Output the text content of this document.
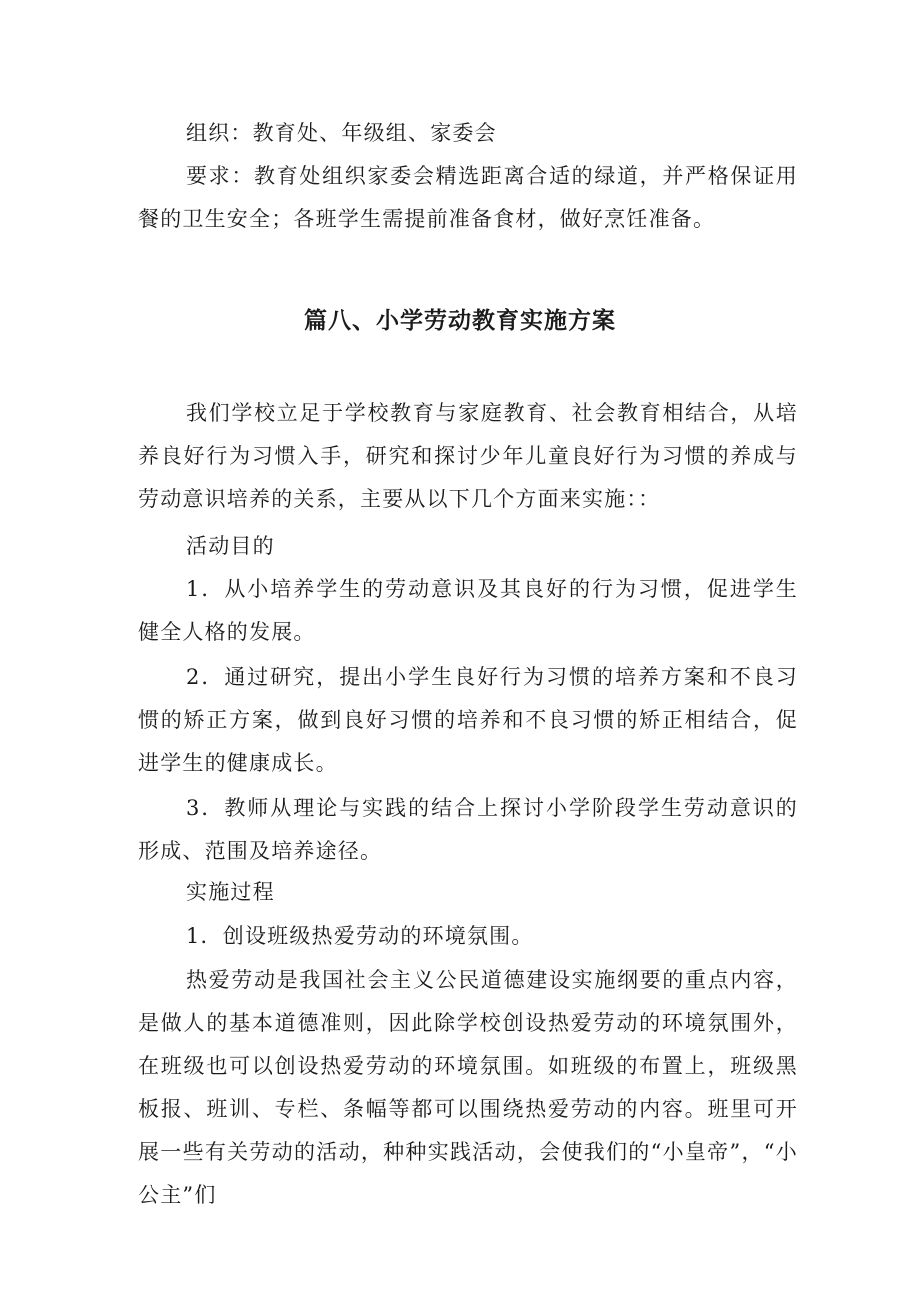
组织：教育处、年级组、家委会

要求：教育处组织家委会精选距离合适的绿道，并严格保证用餐的卫生安全；各班学生需提前准备食材，做好烹饪准备。

篇八、小学劳动教育实施方案

我们学校立足于学校教育与家庭教育、社会教育相结合，从培养良好行为习惯入手，研究和探讨少年儿童良好行为习惯的养成与劳动意识培养的关系，主要从以下几个方面来实施：：

活动目的

1．从小培养学生的劳动意识及其良好的行为习惯，促进学生健全人格的发展。

2．通过研究，提出小学生良好行为习惯的培养方案和不良习惯的矫正方案，做到良好习惯的培养和不良习惯的矫正相结合，促进学生的健康成长。

3．教师从理论与实践的结合上探讨小学阶段学生劳动意识的形成、范围及培养途径。

实施过程

1．创设班级热爱劳动的环境氛围。

热爱劳动是我国社会主义公民道德建设实施纲要的重点内容，是做人的基本道德准则，因此除学校创设热爱劳动的环境氛围外，在班级也可以创设热爱劳动的环境氛围。如班级的布置上，班级黑板报、班训、专栏、条幅等都可以围绕热爱劳动的内容。班里可开展一些有关劳动的活动，种种实践活动，会使我们的“小皇帝”，“小公主”们
